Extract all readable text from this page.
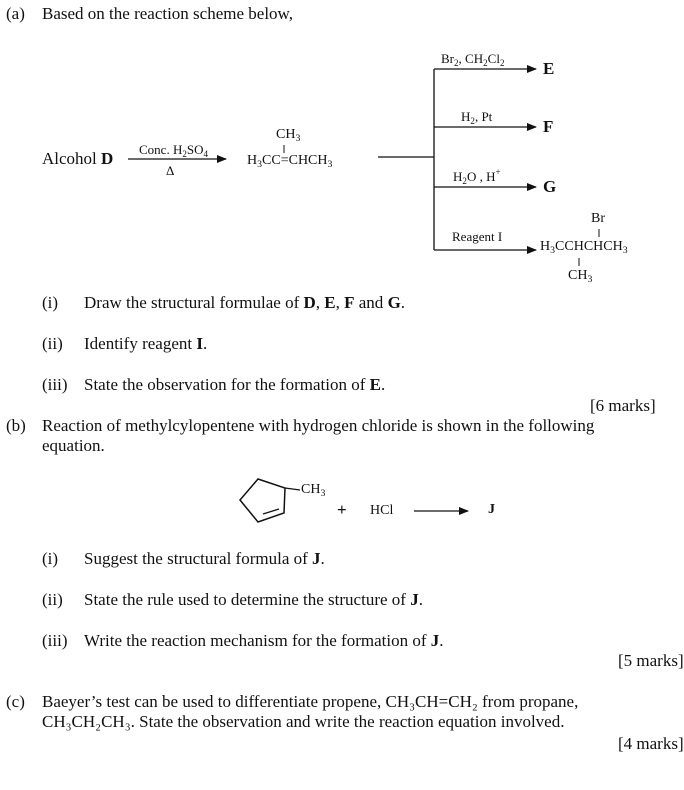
(a) Based on the reaction scheme below,
Alcohol D Conc. $H_2SO_4$
Δ
$CH_3$
$H_3CC=CHCH_3$
$Br_2$, $CH_2Cl_2$ E
$H_2$, Pt
F
$H_2O$ , H+
G
Reagent I
Br
$H_3CCHCHCH_3$
$CH_3$
(i) Draw the structural formulae of D, E, F and G.
(ii) Identify reagent I.
(iii) State the observation for the formation of E.
[6 marks]
(b) Reaction of methylcylopentene with hydrogen chloride is shown in the following
equation.
$CH_3$
+ HCl	J
(i) Suggest the structural formula of J.
(ii) State the rule used to determine the structure of J.
(iii) Write the reaction mechanism for the formation of J.
[5 marks]
(c) Baeyer’s test can be used to differentiate propene, CH₃CH=CH₂ from propane,
CH₃CH₂CH₃. State the observation and write the reaction equation involved.
[4 marks]
